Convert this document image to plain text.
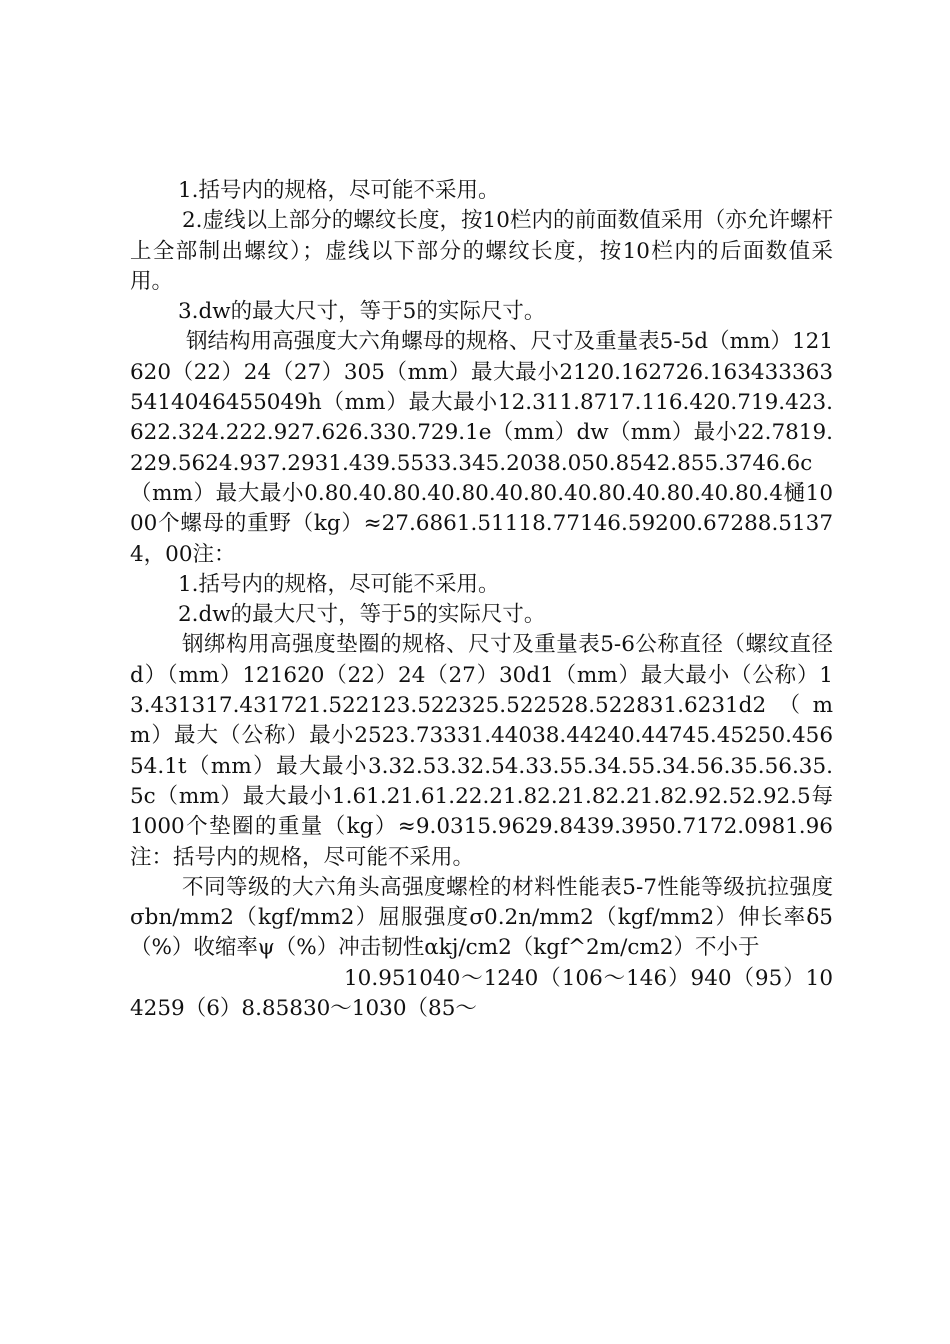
1.括号内的规格，尽可能不采用。

2.虚线以上部分的螺纹长度，按10栏内的前面数值采用（亦允许螺杆上全部制出螺纹）；虚线以下部分的螺纹长度，按10栏内的后面数值采用。

3.dw的最大尺寸，等于5的实际尺寸。

钢结构用高强度大六角螺母的规格、尺寸及重量表5-5d（mm）121620（22）24（27）305（mm）最大最小2120.162726.1634333635414046455049h（mm）最大最小12.311.8717.116.420.719.423.622.324.222.927.626.330.729.1e（mm）dw（mm）最小22.7819.229.5624.937.2931.439.5533.345.2038.050.8542.855.3746.6c（mm）最大最小0.80.40.80.40.80.40.80.40.80.40.80.40.80.4樋1000个螺母的重野（kg）≈27.6861.51118.77146.59200.67288.51374，00注：

1.括号内的规格，尽可能不采用。

2.dw的最大尺寸，等于5的实际尺寸。

钢绑构用高强度垫圈的规格、尺寸及重量表5-6公称直径（螺纹直径d）（mm）121620（22）24（27）30d1（mm）最大最小（公称）13.431317.431721.522123.522325.522528.522831.6231d2（mm）最大（公称）最小2523.73331.44038.44240.44745.45250.45654.1t（mm）最大最小3.32.53.32.54.33.55.34.55.34.56.35.56.35.5c（mm）最大最小1.61.21.61.22.21.82.21.82.21.82.92.52.92.5每1000个垫圈的重量（kg）≈9.0315.9629.8439.3950.7172.0981.96注：括号内的规格，尽可能不采用。

不同等级的大六角头高强度螺栓的材料性能表5-7性能等级抗拉强度σbn/mm2（kgf/mm2）屈服强度σ0.2n/mm2（kgf/mm2）伸长率δ5（%）收缩率ψ（%）冲击韧性αkj/cm2（kgf^2m/cm2）不小于

10.951040～1240（106～146）940（95）104259（6）8.85830～1030（85～
